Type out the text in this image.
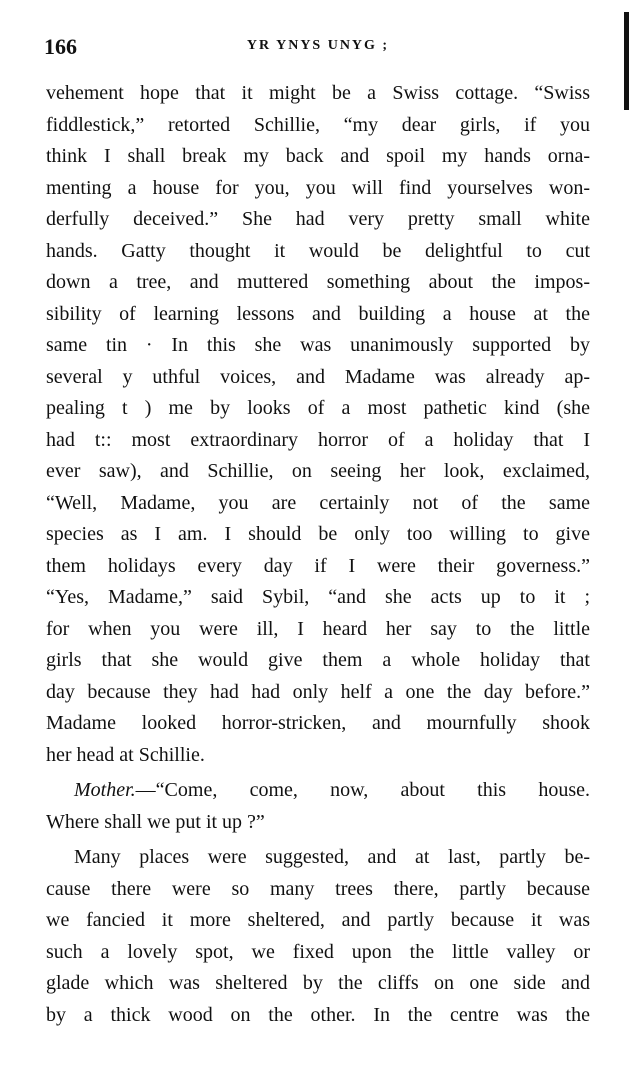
166	YR YNYS UNYG ;
vehement hope that it might be a Swiss cottage. “Swiss
fiddlestick,” retorted Schillie, “my dear girls, if you
think I shall break my back and spoil my hands orna-
menting a house for you, you will find yourselves won-
derfully deceived.” She had very pretty small white
hands. Gatty thought it would be delightful to cut
down a tree, and muttered something about the impos-
sibility of learning lessons and building a house at the
same tin · In this she was unanimously supported by
several y uthful voices, and Madame was already ap-
pealing t ) me by looks of a most pathetic kind (she
had t:: most extraordinary horror of a holiday that I
ever saw), and Schillie, on seeing her look, exclaimed,
“Well, Madame, you are certainly not of the same
species as I am. I should be only too willing to give
them holidays every day if I were their governess.”
“Yes, Madame,” said Sybil, “and she acts up to it ;
for when you were ill, I heard her say to the little
girls that she would give them a whole holiday that
day because they had had only helf a one the day before.”
Madame looked horror-stricken, and mournfully shook
her head at Schillie.
Mother.—“Come, come, now, about this house.
Where shall we put it up ?”
Many places were suggested, and at last, partly be-
cause there were so many trees there, partly because
we fancied it more sheltered, and partly because it was
such a lovely spot, we fixed upon the little valley or
glade which was sheltered by the cliffs on one side and
by a thick wood on the other. In the centre was the
